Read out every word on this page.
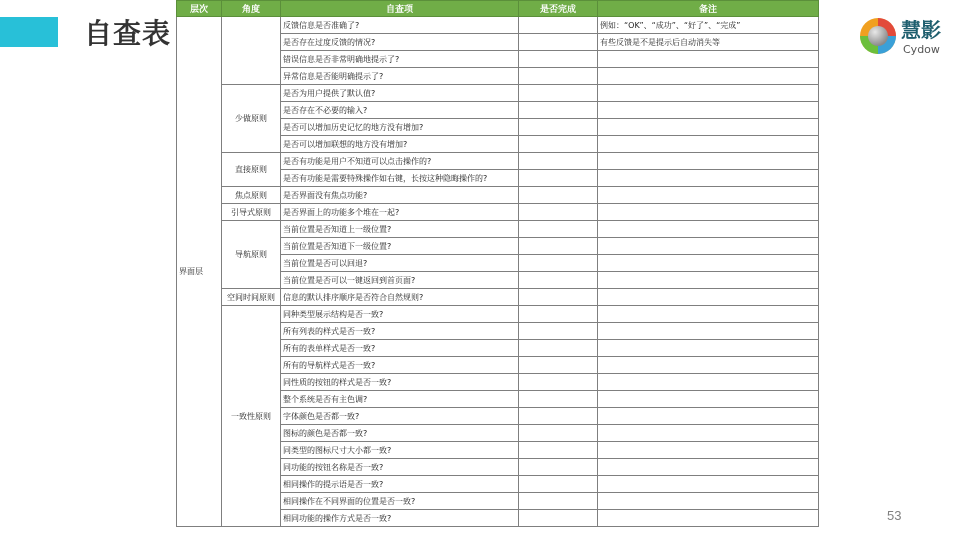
自查表	慧影
Cydow
层次	角度	自查项	是否完成	备注
界面层		反馈信息是否准确了?		例如：“OK”、“成功”、“好了”、“完成”
		是否存在过度反馈的情况?		有些反馈是不是提示后自动消失等
		错误信息是否非常明确地提示了?		
		异常信息是否能明确提示了?		
	少做原则	是否为用户提供了默认值?		
		是否存在不必要的输入?		
		是否可以增加历史记忆的地方没有增加?		
		是否可以增加联想的地方没有增加?		
	直接原则	是否有功能是用户不知道可以点击操作的?		
		是否有功能是需要特殊操作如右键，长按这种隐晦操作的?		
	焦点原则	是否界面没有焦点功能?		
	引导式原则	是否界面上的功能多个堆在一起?		
	导航原则	当前位置是否知道上一级位置?		
		当前位置是否知道下一级位置?		
		当前位置是否可以回退?		
		当前位置是否可以一键返回到首页面?		
	空间时间原则	信息的默认排序顺序是否符合自然规则?		
	一致性原则	同种类型展示结构是否一致?		
		所有列表的样式是否一致?		
		所有的表单样式是否一致?		
		所有的导航样式是否一致?		
		同性质的按钮的样式是否一致?		
		整个系统是否有主色调?		
		字体颜色是否都一致?		
		图标的颜色是否都一致?		
		同类型的图标尺寸大小都一致?		
		同功能的按钮名称是否一致?		
		相同操作的提示语是否一致?		
		相同操作在不同界面的位置是否一致?		
		相同功能的操作方式是否一致?			53
